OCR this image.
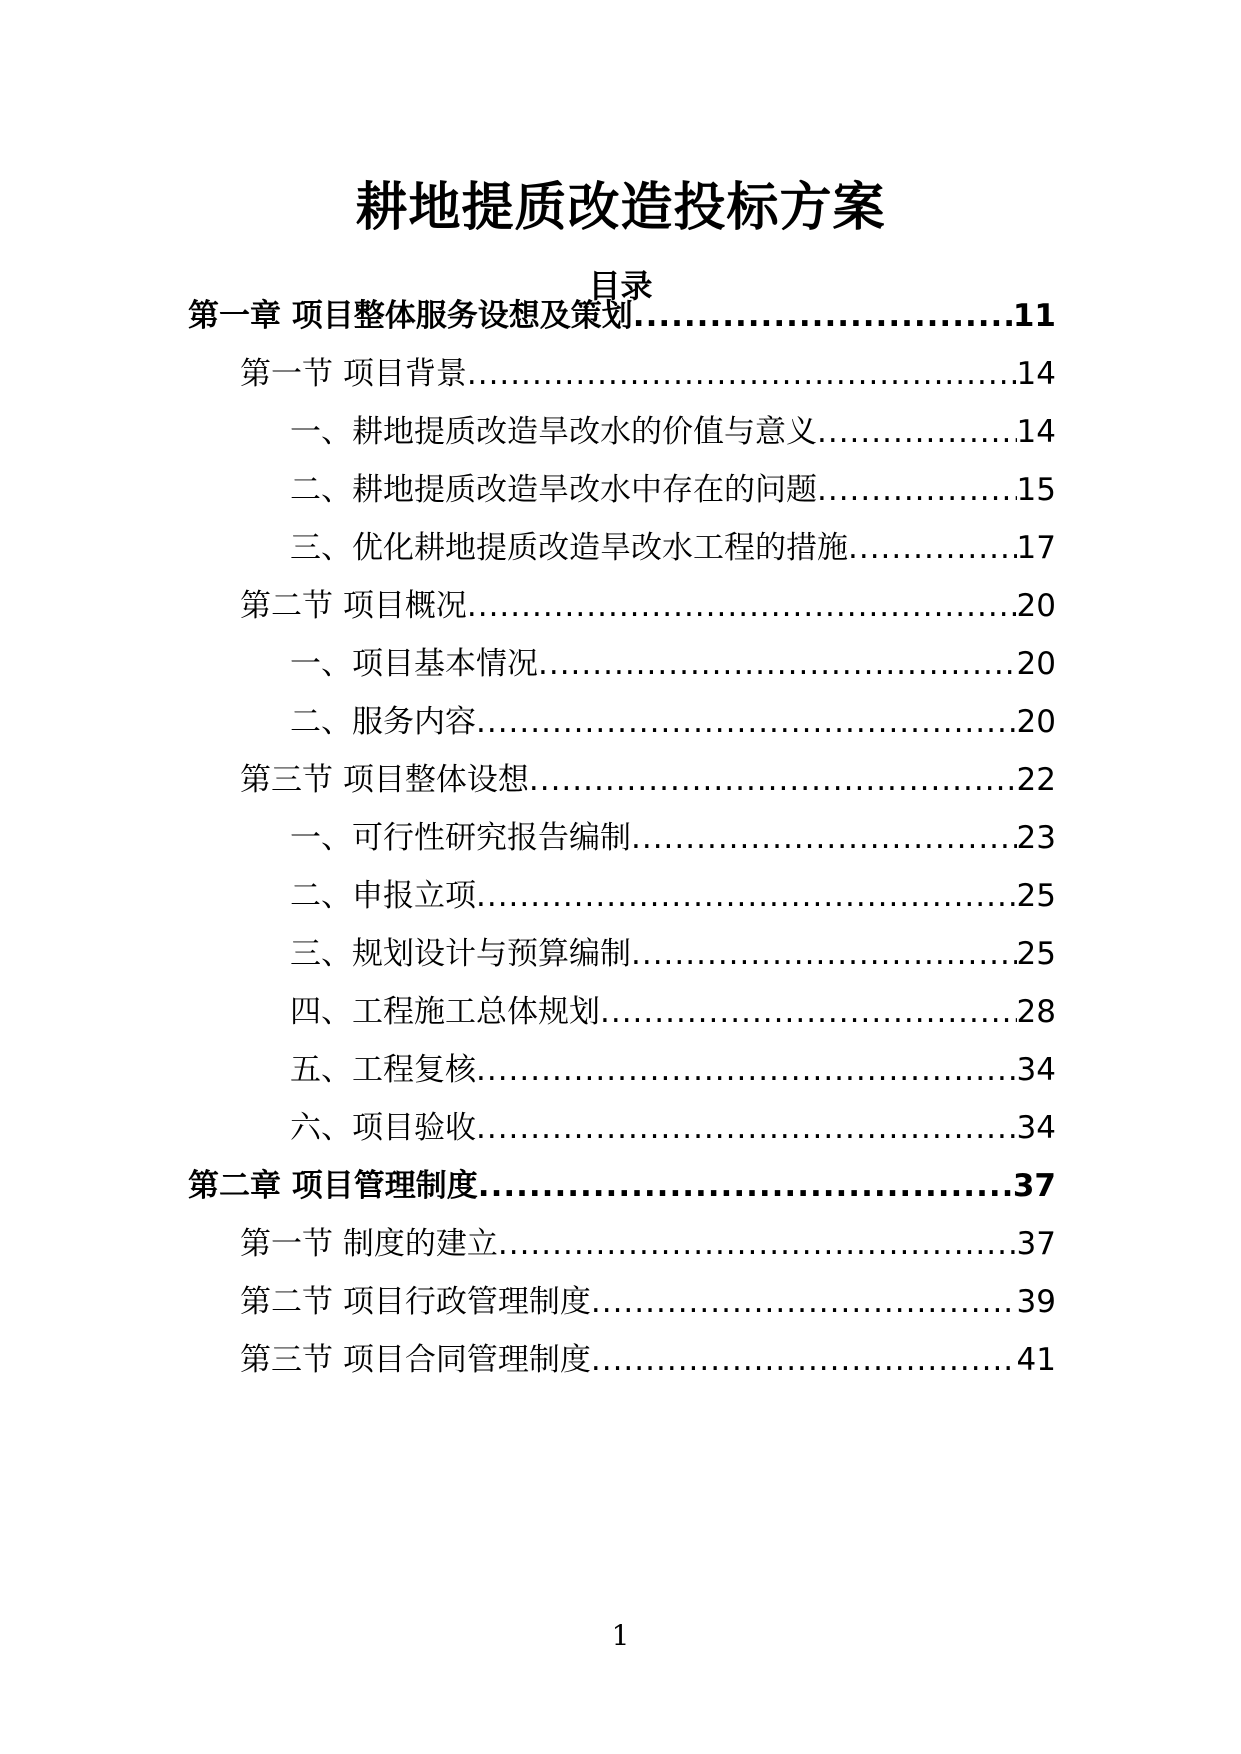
耕地提质改造投标方案
目录
第一章 项目整体服务设想及策划 .....	11
第一节 项目背景 .....	14
一、耕地提质改造旱改水的价值与意义 .....	14
二、耕地提质改造旱改水中存在的问题 .....	15
三、优化耕地提质改造旱改水工程的措施 .....	17
第二节 项目概况 .....	20
一、项目基本情况 .....	20
二、服务内容 .....	20
第三节 项目整体设想 .....	22
一、可行性研究报告编制 .....	23
二、申报立项 .....	25
三、规划设计与预算编制 .....	25
四、工程施工总体规划 .....	28
五、工程复核 .....	34
六、项目验收 .....	34
第二章 项目管理制度 .....	37
第一节 制度的建立 .....	37
第二节 项目行政管理制度 .....	39
第三节 项目合同管理制度 .....	41
1
